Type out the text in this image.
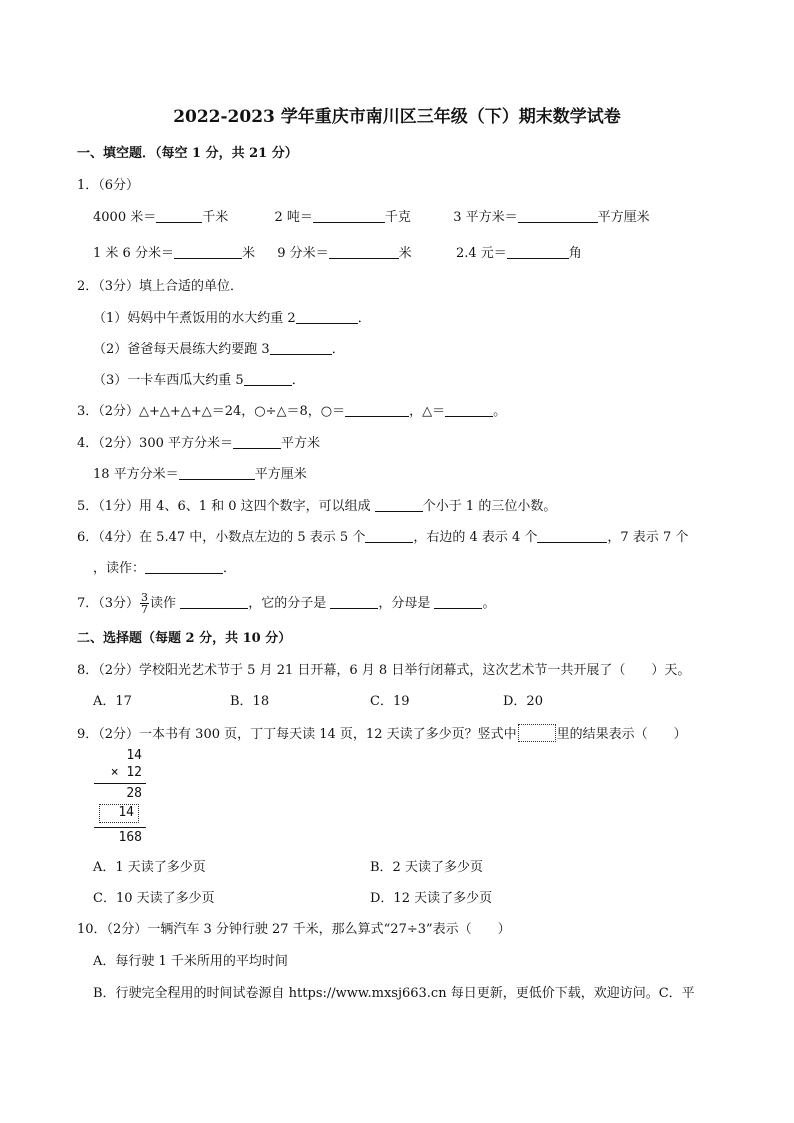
2022-2023 学年重庆市南川区三年级（下）期末数学试卷
一、填空题．（每空 1 分，共 21 分）
1．（6分）
4000 米＝	千米	2 吨＝	千克	3 平方米＝	平方厘米
1 米 6 分米＝	米 9 分米＝	米	2.4 元＝	角
2．（3分）填上合适的单位．
（1）妈妈中午煮饭用的水大约重 2	．
（2）爸爸每天晨练大约要跑 3	．
（3）一卡车西瓜大约重 5	．
3．（2分）△+△+△+△＝24，○÷△＝8，○＝	，△＝	。
4．（2分）300 平方分米＝	平方米
18 平方分米＝	平方厘米
5．（1分）用 4、6、1 和 0 这四个数字，可以组成	个小于 1 的三位小数。
6．（4分）在 5.47 中，小数点左边的 5 表示 5 个	，右边的 4 表示 4 个	，7 表示 7 个
，读作：	．
7．（3分） $\frac{3}{7}$ 读作	，它的分子是	，分母是	。
二、选择题（每题 2 分，共 10 分）
8．（2分）学校阳光艺术节于 5 月 21 日开幕，6 月 8 日举行闭幕式，这次艺术节一共开展了（　　）天。
A．17	B．18	C．19	D．20
9．（2分）一本书有 300 页，丁丁每天读 14 页，12 天读了多少页？竖式中	里的结果表示（　　）
14
× 12
28
14
168
A．1 天读了多少页	B．2 天读了多少页
C．10 天读了多少页	D．12 天读了多少页
10．（2分）一辆汽车 3 分钟行驶 27 千米，那么算式“27÷3”表示（　　）
A．每行驶 1 千米所用的平均时间
B．行驶完全程用的时间试卷源自 https://www.mxsj663.cn 每日更新，更低价下载，欢迎访问。C．平
